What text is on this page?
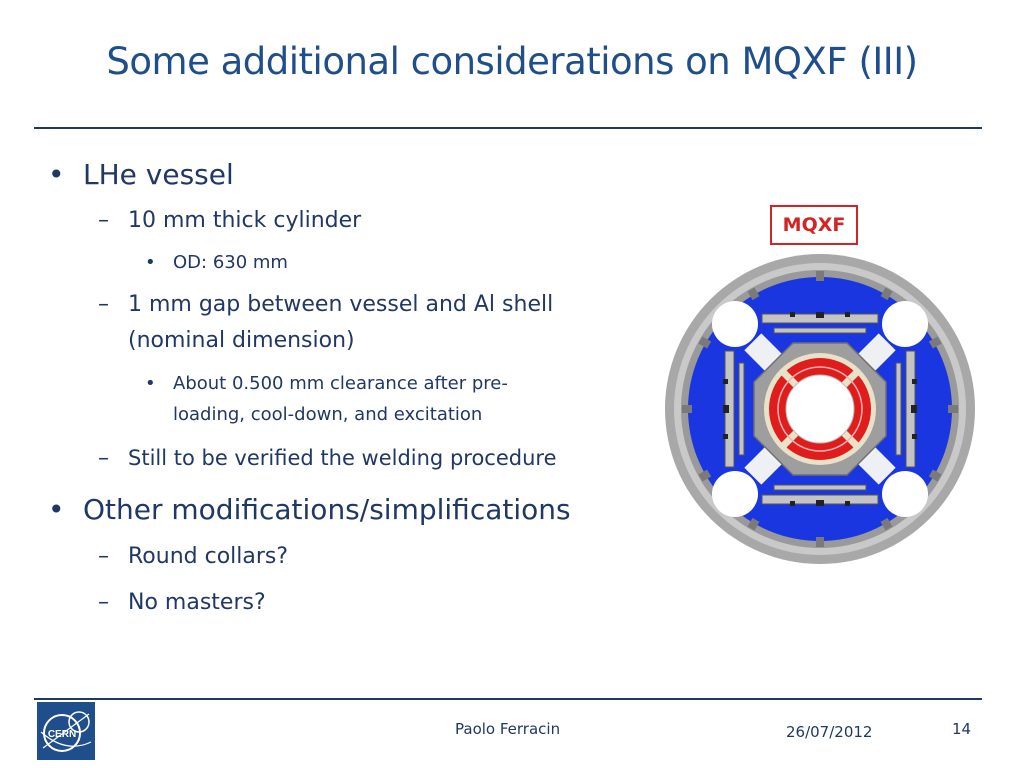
Some additional considerations on MQXF (III)
• LHe vessel
– 10 mm thick cylinder
• OD: 630 mm
– 1 mm gap between vessel and Al shell
(nominal dimension)
• About 0.500 mm clearance after pre-
loading, cool-down, and excitation
– Still to be verified the welding procedure
• Other modifications/simplifications
– Round collars?
– No masters?
MQXF
CERN	Paolo Ferracin	26/07/2012	14
